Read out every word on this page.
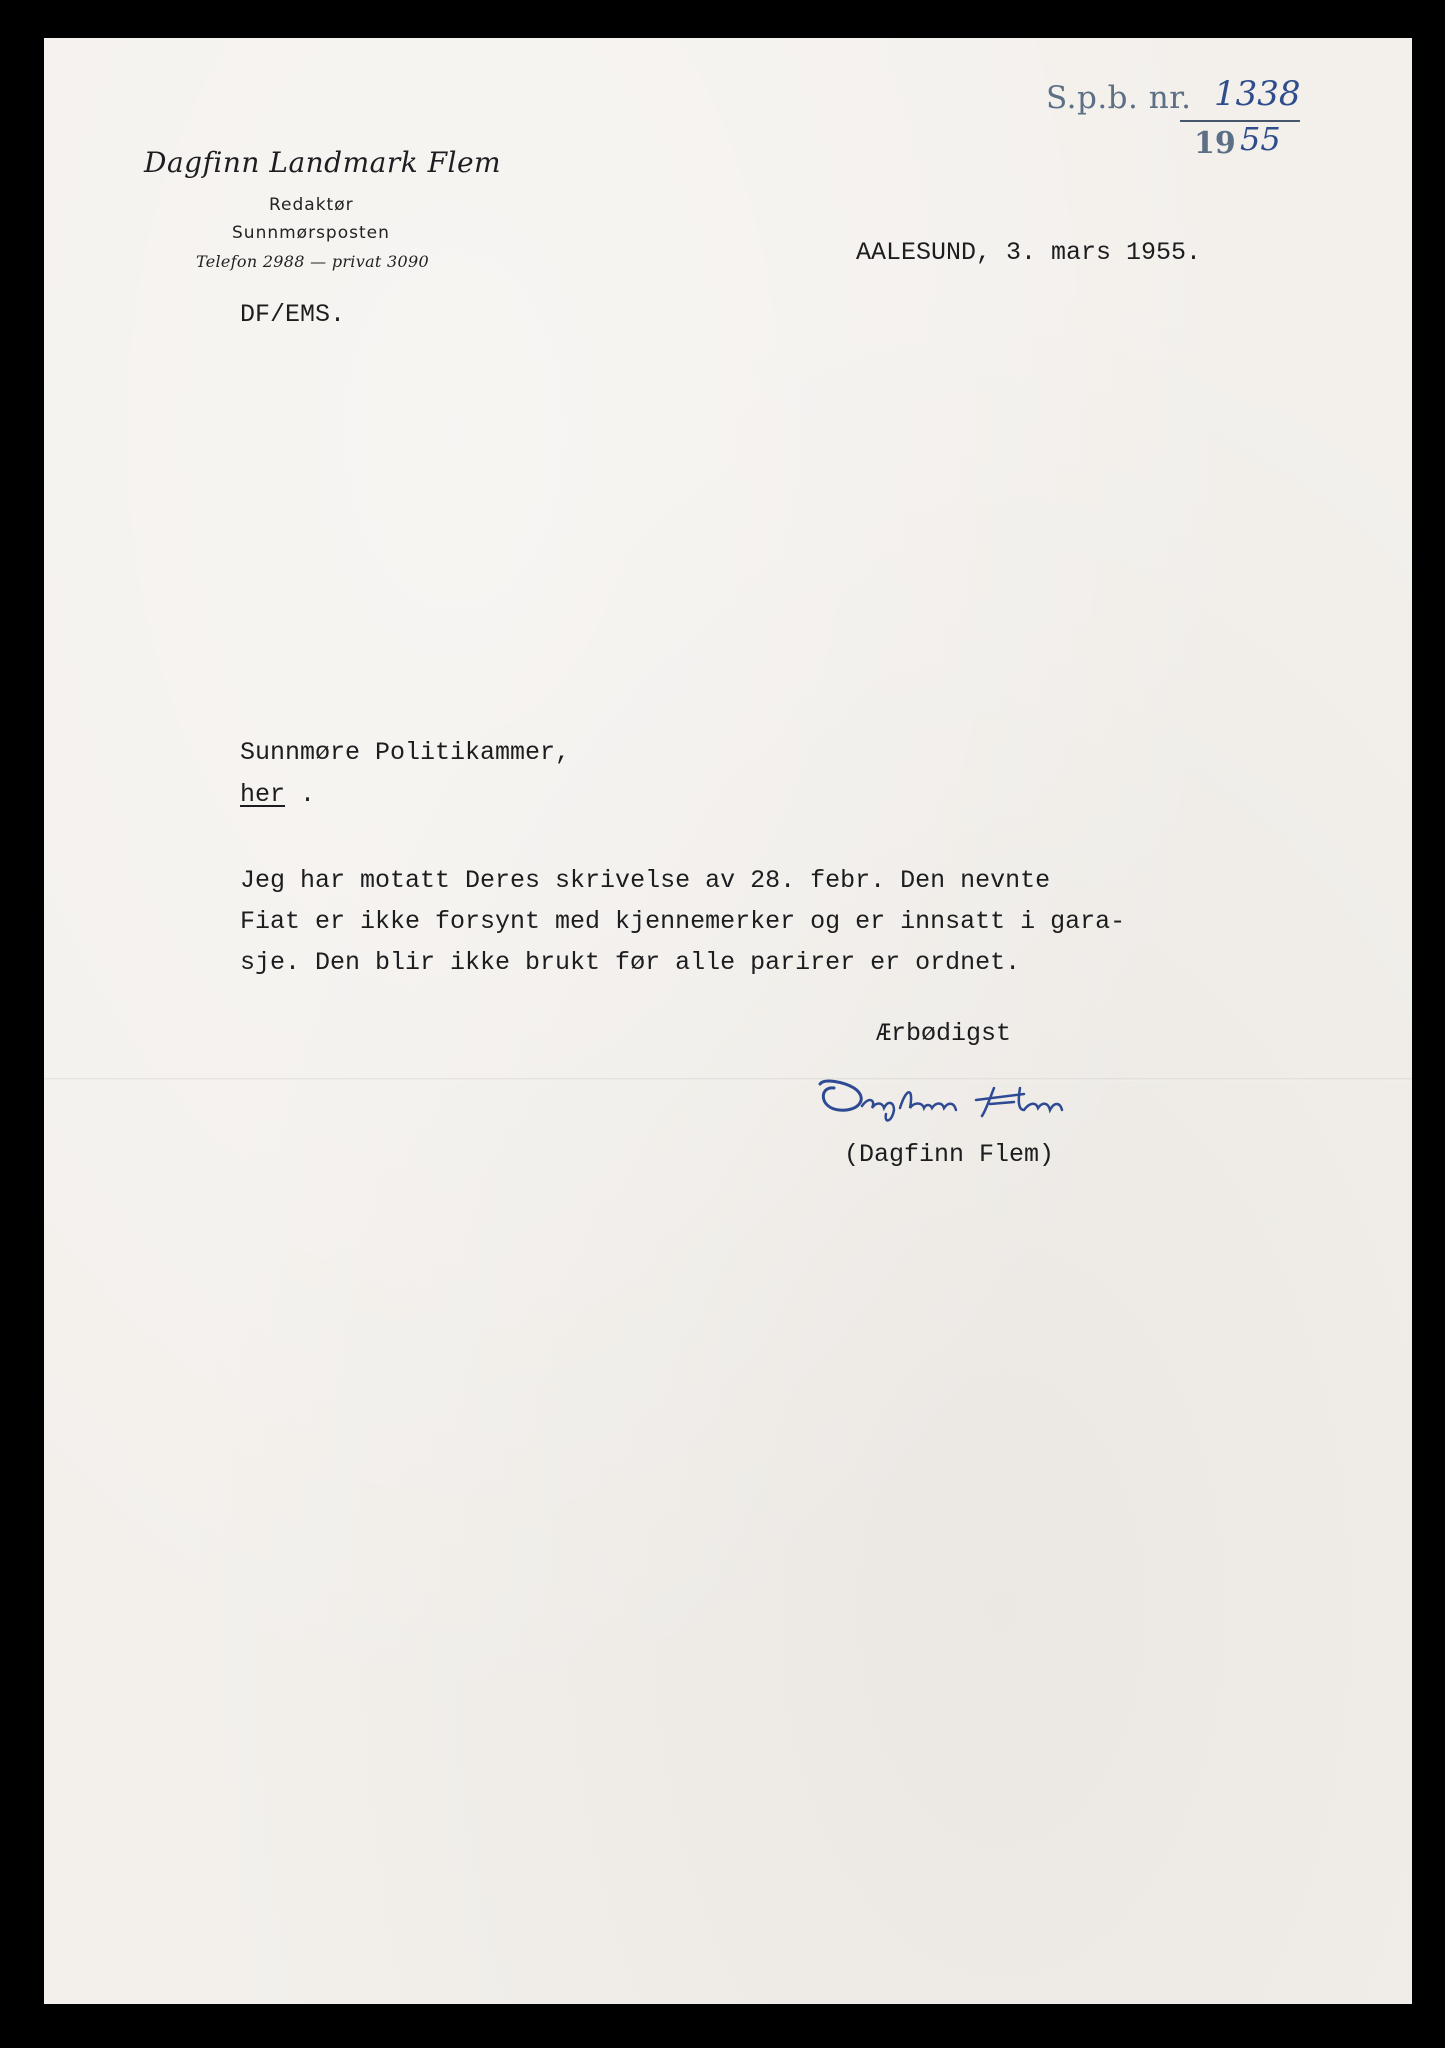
Dagfinn Landmark Flem
Redaktør
Sunnmørsposten
Telefon 2988 — privat 3090
S.p.b. nr. 1338
19 55
AALESUND, 3. mars 1955.
DF/EMS.
Sunnmøre Politikammer,
her .
Jeg har motatt Deres skrivelse av 28. febr. Den nevnte
Fiat er ikke forsynt med kjennemerker og er innsatt i gara-
sje. Den blir ikke brukt før alle parirer er ordnet.
Ærbødigst
(Dagfinn Flem)
